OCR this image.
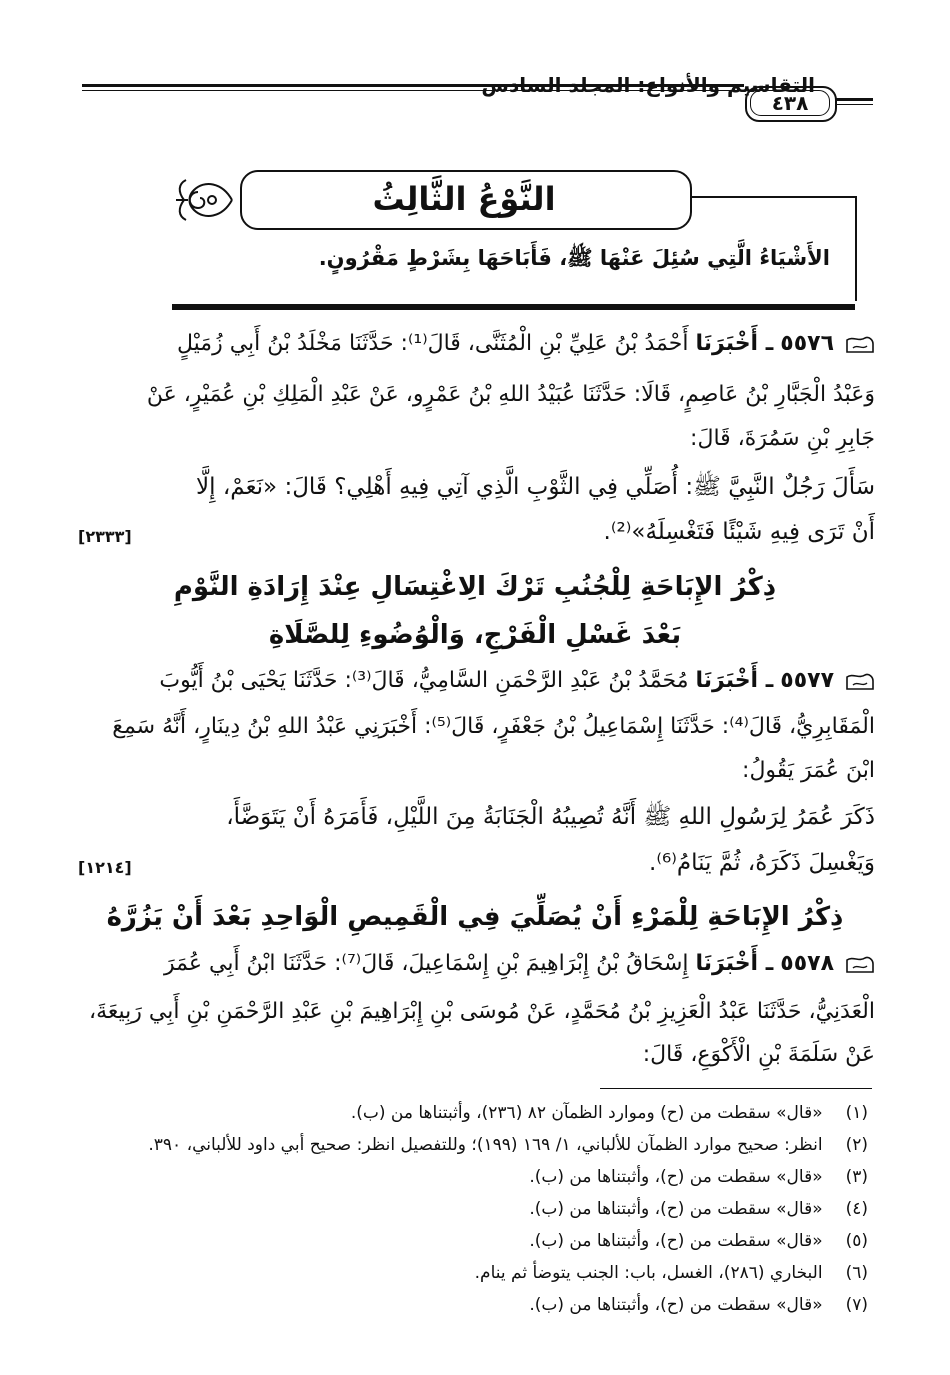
التقاسيم والأنواع: المجلد السادس
٤٣٨
النَّوْعُ الثَّالِثُ
الأَشْيَاءُ الَّتِي سُئِلَ عَنْهَا ﷺ، فَأَبَاحَهَا بِشَرْطٍ مَقْرُونٍ.
٥٥٧٦ ـ أَخْبَرَنَا أَحْمَدُ بْنُ عَلِيِّ بْنِ الْمُثَنَّى، قَالَ⁽¹⁾: حَدَّثَنَا مَخْلَدُ بْنُ أَبِي زُمَيْلٍ
وَعَبْدُ الْجَبَّارِ بْنُ عَاصِمٍ، قَالَا: حَدَّثَنَا عُبَيْدُ اللهِ بْنُ عَمْرٍو، عَنْ عَبْدِ الْمَلِكِ بْنِ عُمَيْرٍ، عَنْ
جَابِرِ بْنِ سَمُرَةَ، قَالَ:
سَأَلَ رَجُلٌ النَّبِيَّ ﷺ: أُصَلِّي فِي الثَّوْبِ الَّذِي آتِي فِيهِ أَهْلِي؟ قَالَ: «نَعَمْ، إِلَّا
أَنْ تَرَى فِيهِ شَيْئًا فَتَغْسِلَهُ»⁽²⁾.
[٢٣٣٣]
ذِكْرُ الإِبَاحَةِ لِلْجُنُبِ تَرْكَ الِاغْتِسَالِ عِنْدَ إِرَادَةِ النَّوْمِ
بَعْدَ غَسْلِ الْفَرْجِ، وَالْوُضُوءِ لِلصَّلَاةِ
٥٥٧٧ ـ أَخْبَرَنَا مُحَمَّدُ بْنُ عَبْدِ الرَّحْمَنِ السَّامِيُّ، قَالَ⁽³⁾: حَدَّثَنَا يَحْيَى بْنُ أَيُّوبَ
الْمَقَابِرِيُّ، قَالَ⁽⁴⁾: حَدَّثَنَا إِسْمَاعِيلُ بْنُ جَعْفَرٍ، قَالَ⁽⁵⁾: أَخْبَرَنِي عَبْدُ اللهِ بْنُ دِينَارٍ، أَنَّهُ سَمِعَ
ابْنَ عُمَرَ يَقُولُ:
ذَكَرَ عُمَرُ لِرَسُولِ اللهِ ﷺ أَنَّهُ تُصِيبُهُ الْجَنَابَةُ مِنَ اللَّيْلِ، فَأَمَرَهُ أَنْ يَتَوَضَّأَ،
وَيَغْسِلَ ذَكَرَهُ، ثُمَّ يَنَامُ⁽⁶⁾.
[١٢١٤]
ذِكْرُ الإِبَاحَةِ لِلْمَرْءِ أَنْ يُصَلِّيَ فِي الْقَمِيصِ الْوَاحِدِ بَعْدَ أَنْ يَزُرَّهُ
٥٥٧٨ ـ أَخْبَرَنَا إِسْحَاقُ بْنُ إِبْرَاهِيمَ بْنِ إِسْمَاعِيلَ، قَالَ⁽⁷⁾: حَدَّثَنَا ابْنُ أَبِي عُمَرَ
الْعَدَنِيُّ، حَدَّثَنَا عَبْدُ الْعَزِيزِ بْنُ مُحَمَّدٍ، عَنْ مُوسَى بْنِ إِبْرَاهِيمَ بْنِ عَبْدِ الرَّحْمَنِ بْنِ أَبِي رَبِيعَةَ،
عَنْ سَلَمَةَ بْنِ الْأَكْوَعِ، قَالَ:
(١) «قال» سقطت من (ح) وموارد الظمآن ٨٢ (٢٣٦)، وأثبتناها من (ب).
(٢) انظر: صحيح موارد الظمآن للألباني، ١/ ١٦٩ (١٩٩)؛ وللتفصيل انظر: صحيح أبي داود للألباني، ٣٩٠.
(٣) «قال» سقطت من (ح)، وأثبتناها من (ب).
(٤) «قال» سقطت من (ح)، وأثبتناها من (ب).
(٥) «قال» سقطت من (ح)، وأثبتناها من (ب).
(٦) البخاري (٢٨٦)، الغسل، باب: الجنب يتوضأ ثم ينام.
(٧) «قال» سقطت من (ح)، وأثبتناها من (ب).
